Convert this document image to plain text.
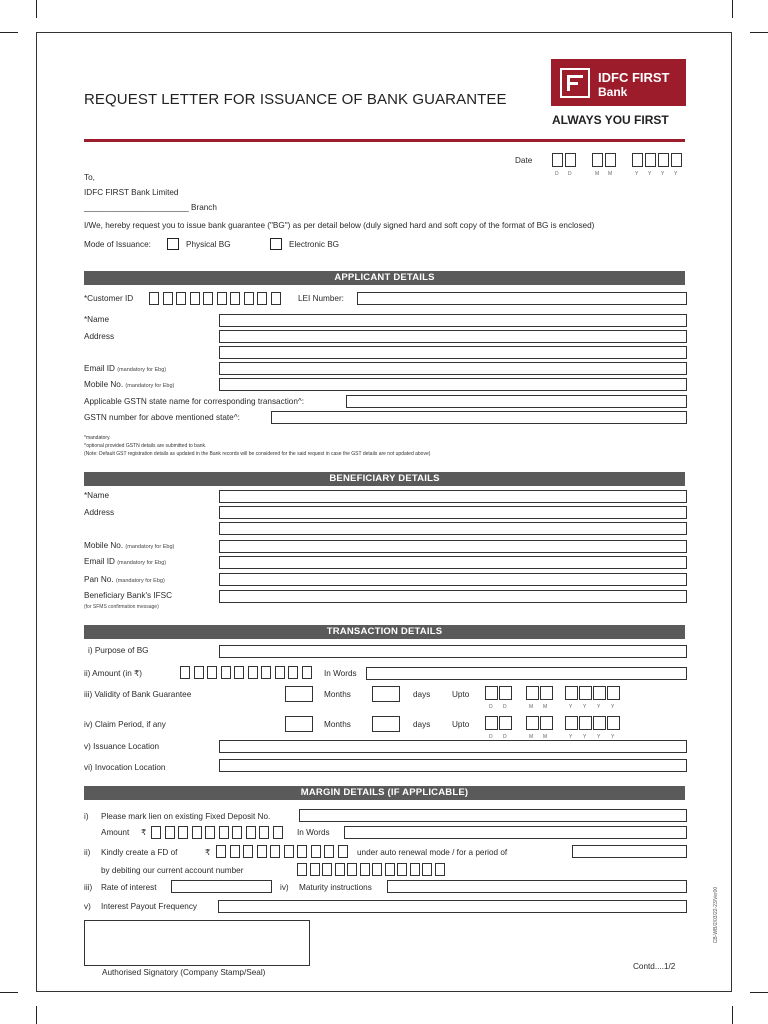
REQUEST LETTER FOR ISSUANCE OF BANK GUARANTEE
IDFC FIRST
Bank
ALWAYS YOU FIRST
Date
D D	M M	Y Y Y Y
To,
IDFC FIRST Bank Limited
_______________________ Branch
I/We, hereby request you to issue bank guarantee ("BG") as per detail below (duly signed hard and soft copy of the format of BG is enclosed)
Mode of Issuance:	Physical BG	Electronic BG
APPLICANT DETAILS
*Customer ID	LEI Number:
*Name
Address
Email ID (mandatory for Ebg)
Mobile No. (mandatory for Ebg)
Applicable GSTN state name for corresponding transaction^:
GSTN number for above mentioned state^:
*mandatory.
^optional provided GSTN details are submitted to bank.
(Note: Default GST registration details as updated in the Bank records will be considered for the said request in case the GST details are not updated above)
BENEFICIARY DETAILS
*Name
Address
Mobile No. (mandatory for Ebg)
Email ID (mandatory for Ebg)
Pan No. (mandatory for Ebg)
Beneficiary Bank's IFSC
(for SFMS confirmation message)
TRANSACTION DETAILS
i) Purpose of BG
ii) Amount (in ₹)	In Words
iii) Validity of Bank Guarantee	Months	days	Upto
D D	M M	Y Y Y Y
iv) Claim Period, if any	Months	days	Upto
D D	M M	Y Y Y Y
v) Issuance Location
vi) Invocation Location
MARGIN DETAILS (IF APPLICABLE)
i) Please mark lien on existing Fixed Deposit No.
Amount ₹	In Words
ii) Kindly create a FD of	₹	under auto renewal mode / for a period of
by debiting our current account number
iii) Rate of interest	iv) Maturity instructions
v) Interest Payout Frequency
Authorised Signatory (Company Stamp/Seal)
Contd....1/2
CB-WB/2/03/22-23/Ver00
